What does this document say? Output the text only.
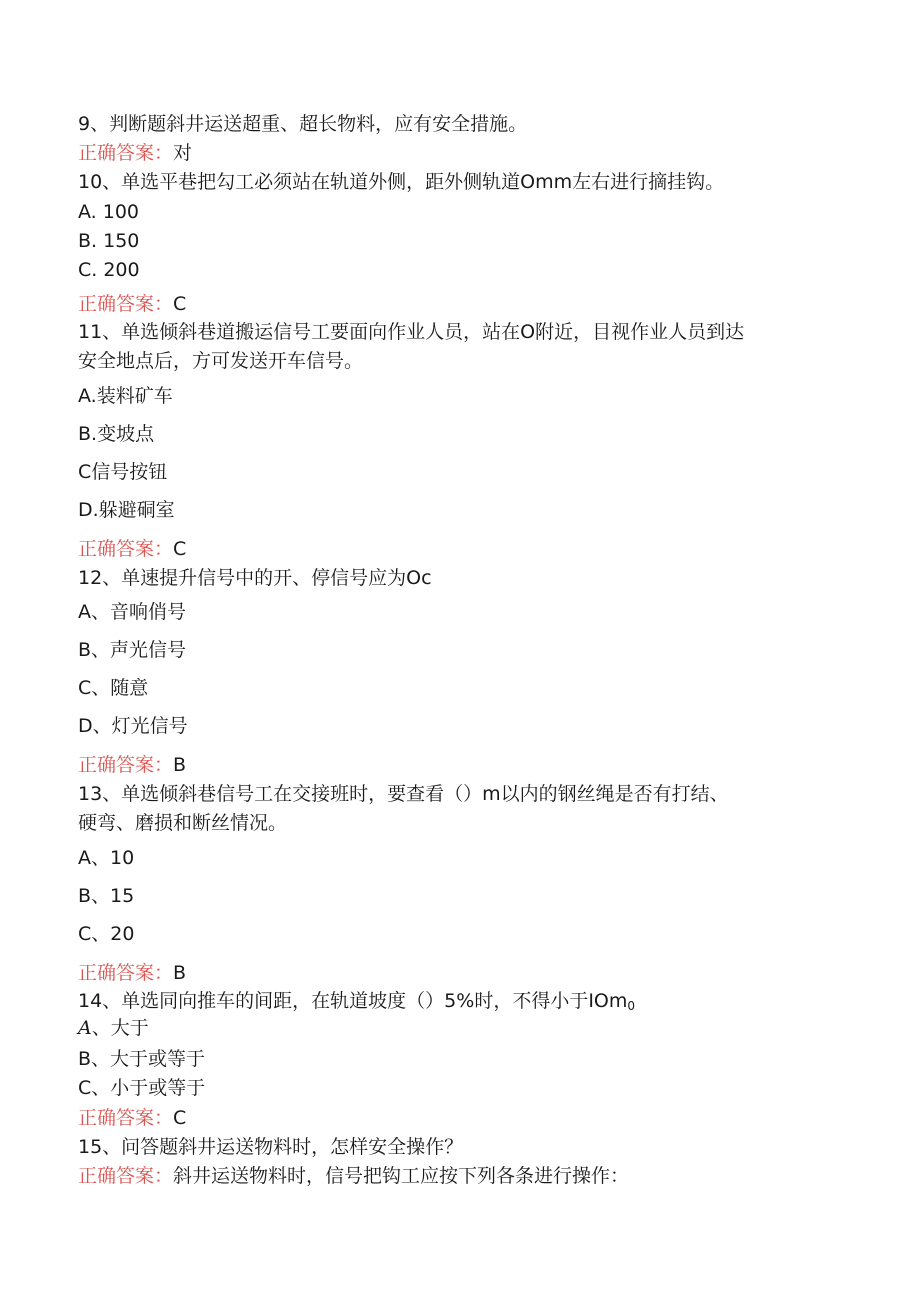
9、判断题斜井运送超重、超长物料，应有安全措施。
正确答案：对
10、单选平巷把勾工必须站在轨道外侧，距外侧轨道Omm左右进行摘挂钩。
A. 100
B. 150
C. 200
正确答案：C
11、单选倾斜巷道搬运信号工要面向作业人员，站在O附近，目视作业人员到达
安全地点后，方可发送开车信号。
A.装料矿车
B.变坡点
C信号按钮
D.躲避硐室
正确答案：C
12、单速提升信号中的开、停信号应为Oc
A、音响俏号
B、声光信号
C、随意
D、灯光信号
正确答案：B
13、单选倾斜巷信号工在交接班时，要查看（）m以内的钢丝绳是否有打结、
硬弯、磨损和断丝情况。
A、10
B、15
C、20
正确答案：B
14、单选同向推车的间距，在轨道坡度（）5%时，不得小于IOm$_0$
A、大于
B、大于或等于
C、小于或等于
正确答案：C
15、问答题斜井运送物料时，怎样安全操作？
正确答案：斜井运送物料时，信号把钩工应按下列各条进行操作：
